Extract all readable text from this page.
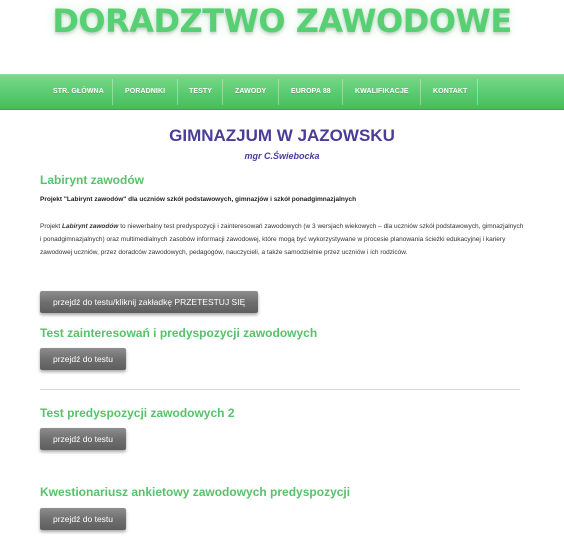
DORADZTWO ZAWODOWE
STR. GŁÓWNA	PORADNIKI	TESTY	ZAWODY	EUROPA 88	KWALIFIKACJE	KONTAKT
GIMNAZJUM W JAZOWSKU
mgr C.Świebocka
Labirynt zawodów
Projekt "Labirynt zawodów" dla uczniów szkół podstawowych, gimnazjów i szkół ponadgimnazjalnych
Projekt Labirynt zawodów to niewerbalny test predyspozycji i zainteresowań zawodowych (w 3 wersjach wiekowych – dla uczniów szkół podstawowych, gimnazjalnych i ponadgimnazjalnych) oraz multimedialnych zasobów informacji zawodowej, które mogą być wykorzystywane w procesie planowania ścieżki edukacyjnej i kariery zawodowej uczniów, przez doradców zawodowych, pedagogów, nauczycieli, a także samodzielnie przez uczniów i ich rodziców.
przejdź do testu/kliknij zakładkę PRZETESTUJ SIĘ
Test zainteresowań i predyspozycji zawodowych
przejdź do testu
Test predyspozycji zawodowych 2
przejdź do testu
Kwestionariusz ankietowy zawodowych predyspozycji
przejdź do testu
